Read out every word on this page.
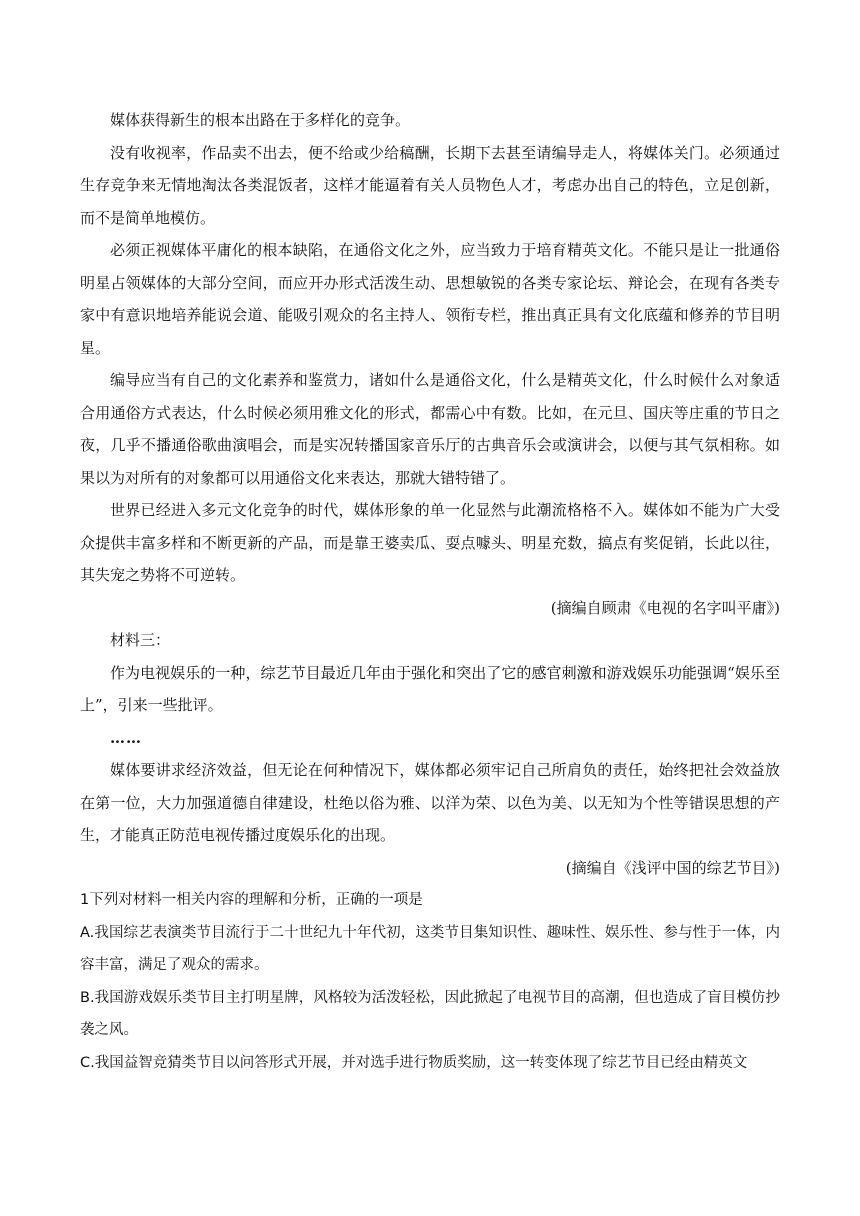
媒体获得新生的根本出路在于多样化的竞争。

没有收视率，作品卖不出去，便不给或少给稿酬，长期下去甚至请编导走人，将媒体关门。必须通过生存竞争来无情地淘汰各类混饭者，这样才能逼着有关人员物色人才，考虑办出自己的特色，立足创新，而不是简单地模仿。

必须正视媒体平庸化的根本缺陷，在通俗文化之外，应当致力于培育精英文化。不能只是让一批通俗明星占领媒体的大部分空间，而应开办形式活泼生动、思想敏锐的各类专家论坛、辩论会，在现有各类专家中有意识地培养能说会道、能吸引观众的名主持人、领衔专栏，推出真正具有文化底蕴和修养的节目明星。

编导应当有自己的文化素养和鉴赏力，诸如什么是通俗文化，什么是精英文化，什么时候什么对象适合用通俗方式表达，什么时候必须用雅文化的形式，都需心中有数。比如，在元旦、国庆等庄重的节日之夜，几乎不播通俗歌曲演唱会，而是实况转播国家音乐厅的古典音乐会或演讲会，以便与其气氛相称。如果以为对所有的对象都可以用通俗文化来表达，那就大错特错了。

世界已经进入多元文化竞争的时代，媒体形象的单一化显然与此潮流格格不入。媒体如不能为广大受众提供丰富多样和不断更新的产品，而是靠王婆卖瓜、耍点噱头、明星充数，搞点有奖促销，长此以往，其失宠之势将不可逆转。

(摘编自顾肃《电视的名字叫平庸》)

材料三：

作为电视娱乐的一种，综艺节目最近几年由于强化和突出了它的感官刺激和游戏娱乐功能强调“娱乐至上”，引来一些批评。

……

媒体要讲求经济效益，但无论在何种情况下，媒体都必须牢记自己所肩负的责任，始终把社会效益放在第一位，大力加强道德自律建设，杜绝以俗为雅、以洋为荣、以色为美、以无知为个性等错误思想的产生，才能真正防范电视传播过度娱乐化的出现。

(摘编自《浅评中国的综艺节目》)

1下列对材料一相关内容的理解和分析，正确的一项是

A.我国综艺表演类节目流行于二十世纪九十年代初，这类节目集知识性、趣味性、娱乐性、参与性于一体，内容丰富，满足了观众的需求。

B.我国游戏娱乐类节目主打明星牌，风格较为活泼轻松，因此掀起了电视节目的高潮，但也造成了盲目模仿抄袭之风。

C.我国益智竞猜类节目以问答形式开展，并对选手进行物质奖励，这一转变体现了综艺节目已经由精英文
